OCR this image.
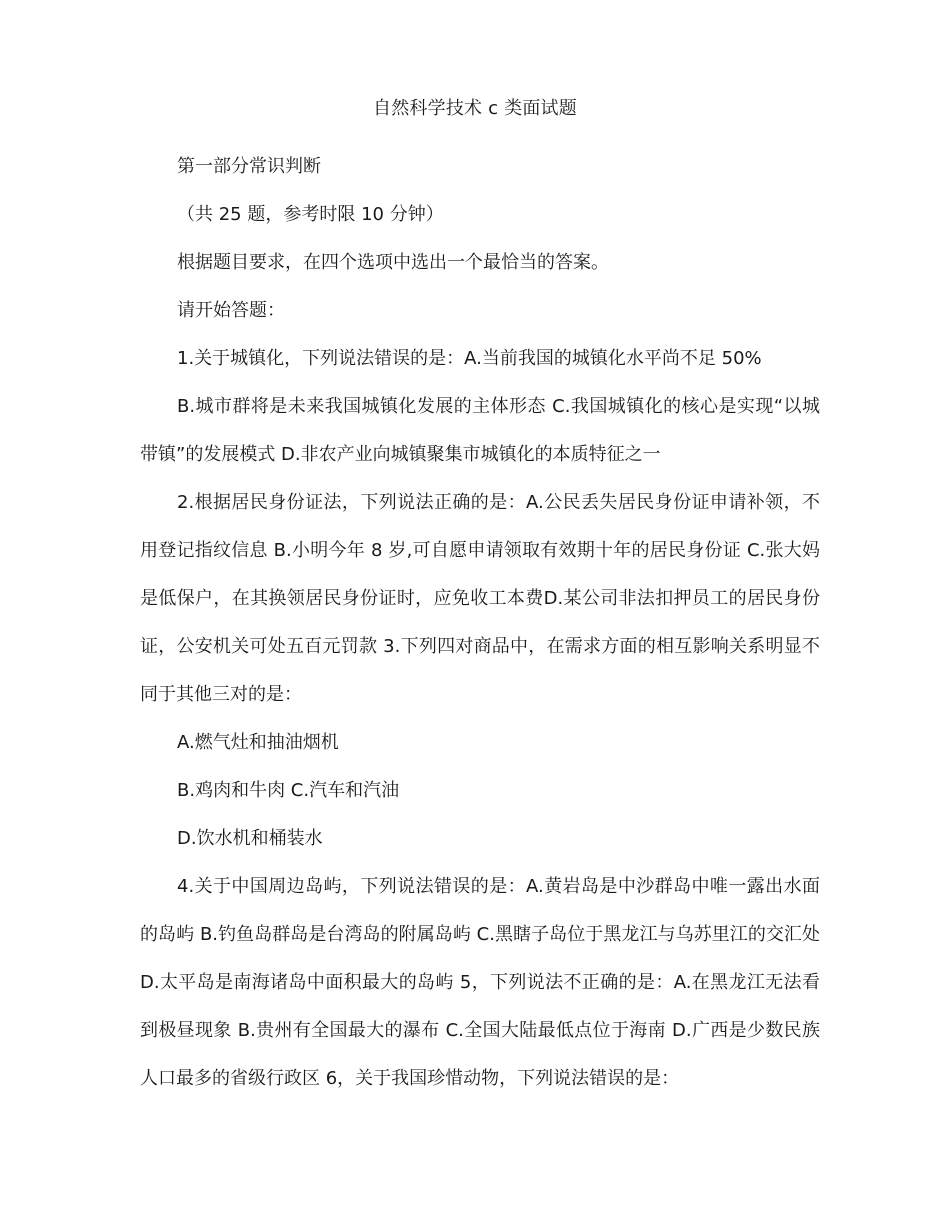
自然科学技术 c 类面试题

第一部分常识判断

（共 25 题，参考时限 10 分钟）

根据题目要求，在四个选项中选出一个最恰当的答案。

请开始答题：

1.关于城镇化，下列说法错误的是：A.当前我国的城镇化水平尚不足 50%

B.城市群将是未来我国城镇化发展的主体形态 C.我国城镇化的核心是实现“以城带镇”的发展模式 D.非农产业向城镇聚集市城镇化的本质特征之一

2.根据居民身份证法，下列说法正确的是：A.公民丢失居民身份证申请补领，不用登记指纹信息 B.小明今年 8 岁,可自愿申请领取有效期十年的居民身份证 C.张大妈是低保户，在其换领居民身份证时，应免收工本费D.某公司非法扣押员工的居民身份证，公安机关可处五百元罚款 3.下列四对商品中，在需求方面的相互影响关系明显不同于其他三对的是：

A.燃气灶和抽油烟机

B.鸡肉和牛肉 C.汽车和汽油

D.饮水机和桶装水

4.关于中国周边岛屿，下列说法错误的是：A.黄岩岛是中沙群岛中唯一露出水面的岛屿 B.钓鱼岛群岛是台湾岛的附属岛屿 C.黑瞎子岛位于黑龙江与乌苏里江的交汇处 D.太平岛是南海诸岛中面积最大的岛屿 5，下列说法不正确的是：A.在黑龙江无法看到极昼现象 B.贵州有全国最大的瀑布 C.全国大陆最低点位于海南 D.广西是少数民族人口最多的省级行政区 6，关于我国珍惜动物，下列说法错误的是：
